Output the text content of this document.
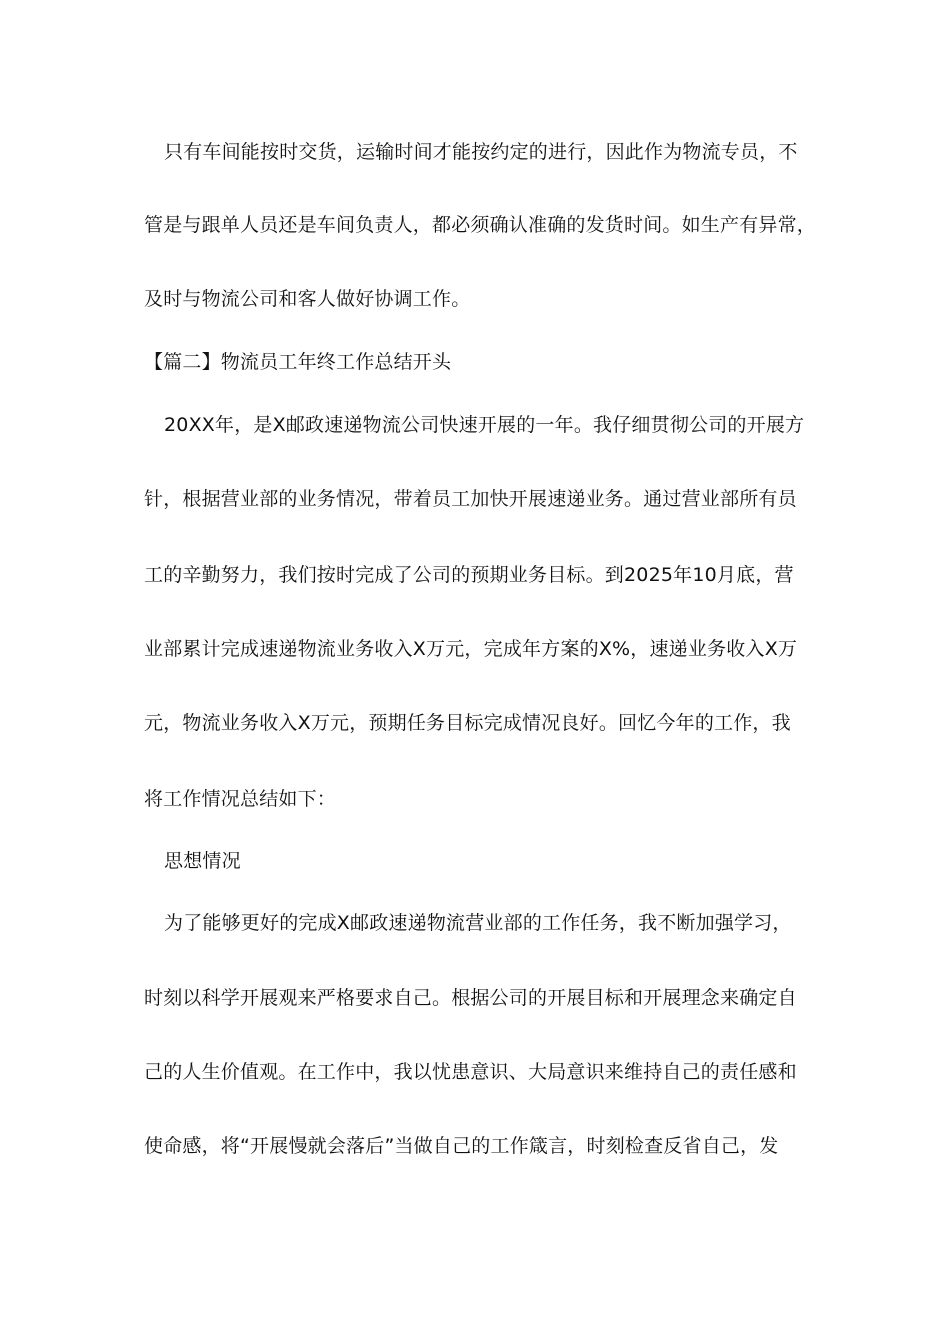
只有车间能按时交货，运输时间才能按约定的进行，因此作为物流专员，不
管是与跟单人员还是车间负责人，都必须确认准确的发货时间。如生产有异常，
及时与物流公司和客人做好协调工作。
【篇二】物流员工年终工作总结开头
20XX年，是X邮政速递物流公司快速开展的一年。我仔细贯彻公司的开展方
针，根据营业部的业务情况，带着员工加快开展速递业务。通过营业部所有员
工的辛勤努力，我们按时完成了公司的预期业务目标。到2025年10月底，营
业部累计完成速递物流业务收入X万元，完成年方案的X%，速递业务收入X万
元，物流业务收入X万元，预期任务目标完成情况良好。回忆今年的工作，我
将工作情况总结如下：
思想情况
为了能够更好的完成X邮政速递物流营业部的工作任务，我不断加强学习，
时刻以科学开展观来严格要求自己。根据公司的开展目标和开展理念来确定自
己的人生价值观。在工作中，我以忧患意识、大局意识来维持自己的责任感和
使命感，将“开展慢就会落后”当做自己的工作箴言，时刻检查反省自己，发
